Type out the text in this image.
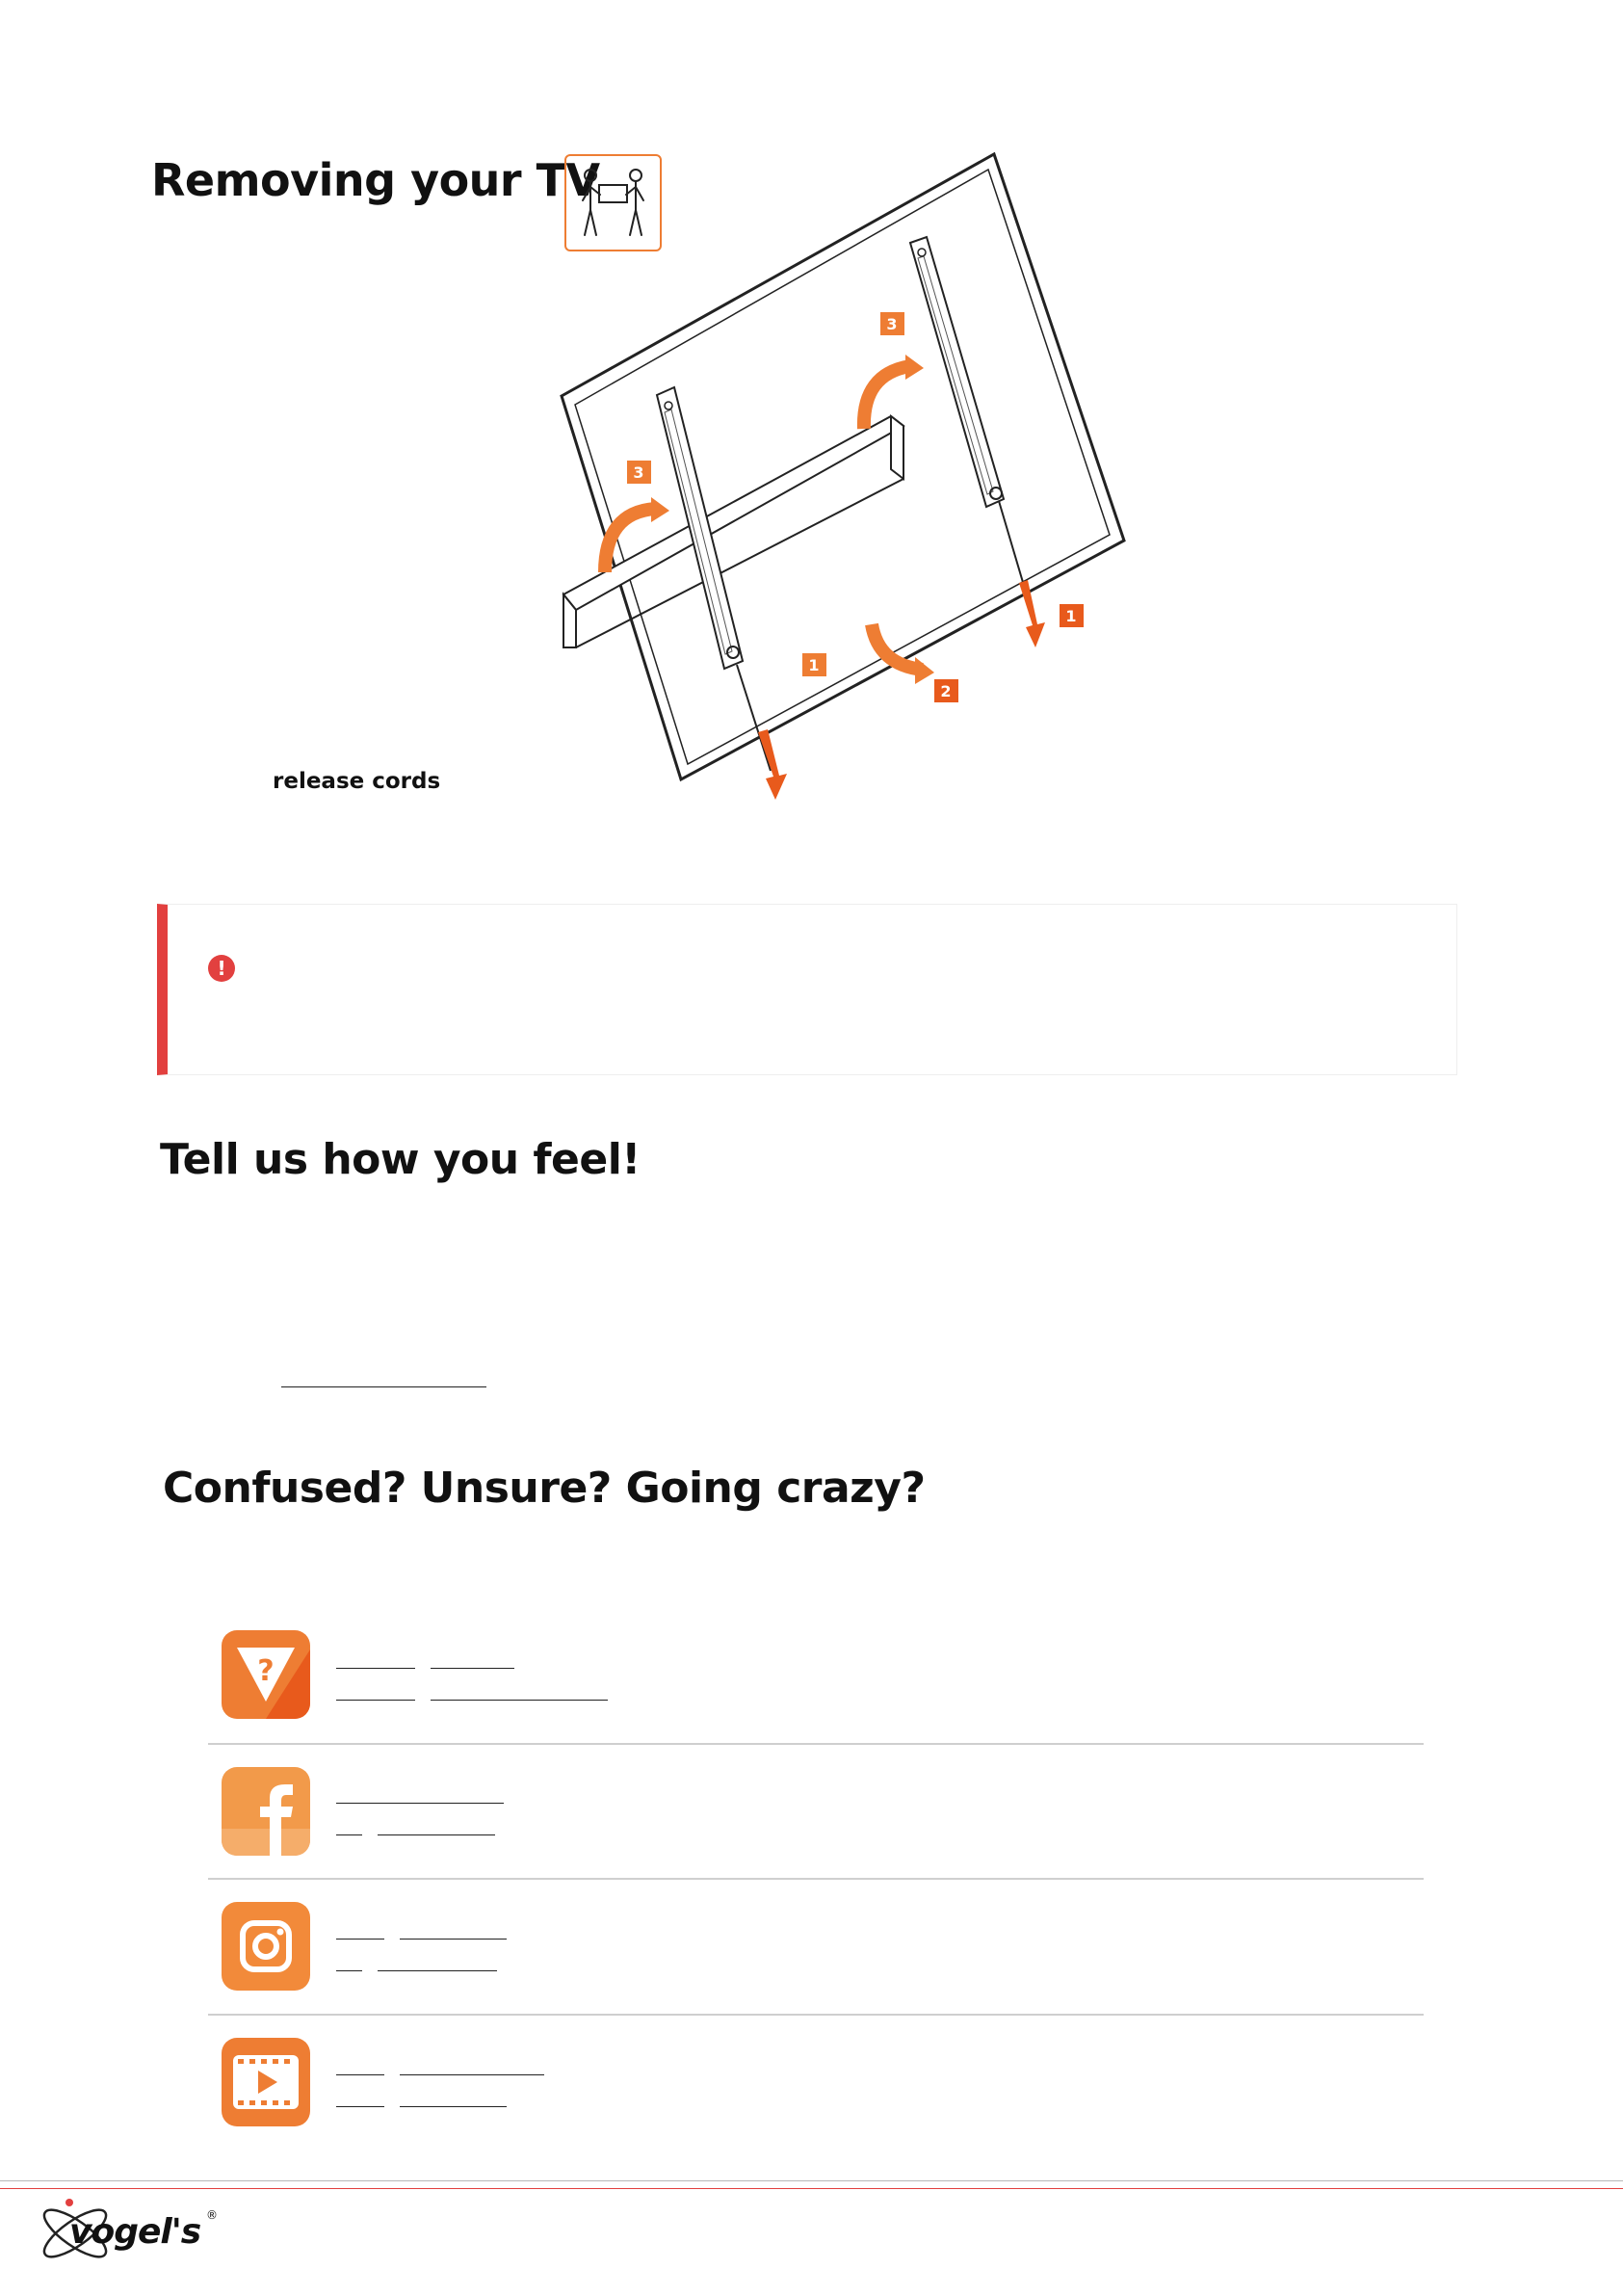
Removing your TV
3
3
1
1
2
release cords
!
Tell us how you feel!
Confused? Unsure? Going crazy?
?
vogel's ®
